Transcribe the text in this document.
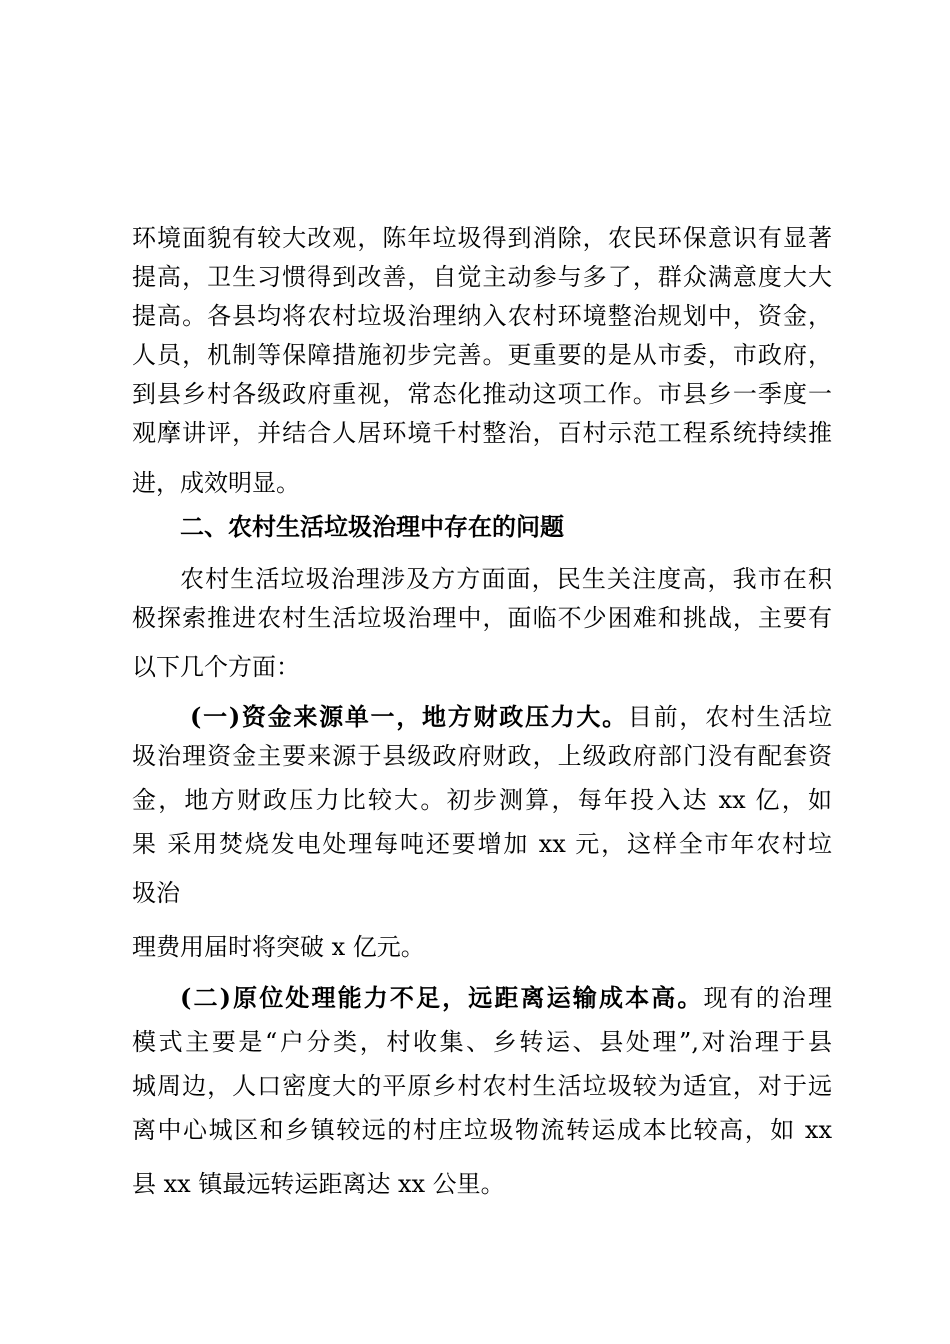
环境面貌有较大改观，陈年垃圾得到消除，农民环保意识有显著
提高，卫生习惯得到改善，自觉主动参与多了，群众满意度大大
提高。各县均将农村垃圾治理纳入农村环境整治规划中，资金，
人员，机制等保障措施初步完善。更重要的是从市委，市政府，
到县乡村各级政府重视，常态化推动这项工作。市县乡一季度一
观摩讲评，并结合人居环境千村整治，百村示范工程系统持续推
进，成效明显。
二、农村生活垃圾治理中存在的问题
农村生活垃圾治理涉及方方面面，民生关注度高，我市在积
极探索推进农村生活垃圾治理中，面临不少困难和挑战，主要有
以下几个方面：
(一)资金来源单一，地方财政压力大。目前，农村生活垃
圾治理资金主要来源于县级政府财政，上级政府部门没有配套资
金，地方财政压力比较大。初步测算，每年投入达 xx 亿，如
果 采用焚烧发电处理每吨还要增加 xx 元，这样全市年农村垃
圾治
理费用届时将突破 x 亿元。
(二)原位处理能力不足，远距离运输成本高。现有的治理
模式主要是“户分类，村收集、乡转运、县处理”,对治理于县
城周边，人口密度大的平原乡村农村生活垃圾较为适宜，对于远
离中心城区和乡镇较远的村庄垃圾物流转运成本比较高，如 xx
县 xx 镇最远转运距离达 xx 公里。
